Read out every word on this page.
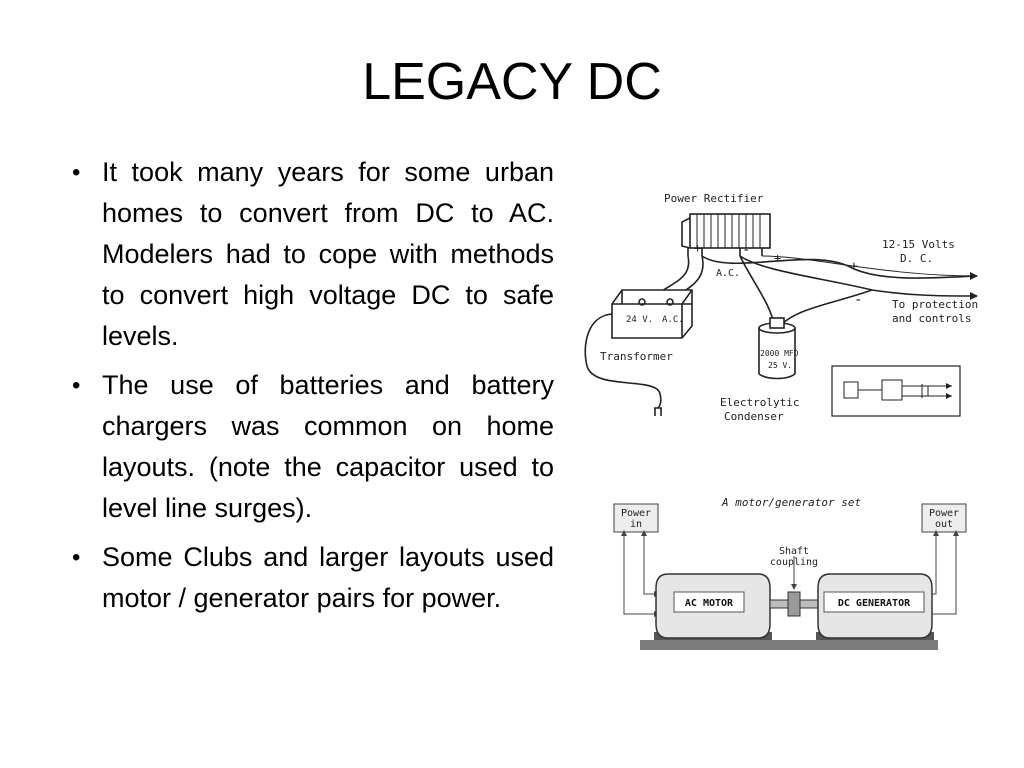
LEGACY DC
• It took many years for some urban homes to convert from DC to AC. Modelers had to cope with methods to convert high voltage DC to safe levels.
• The use of batteries and battery chargers was common on home layouts. (note the capacitor used to level line surges).
• Some Clubs and larger layouts used motor / generator pairs for power.
Power Rectifier
12-15 Volts
D. C.
A.C.
+	- +
+
-	To protection
and controls
24 V. A.C.
Transformer	2000 MFD
25 V.
Electrolytic
Condenser
A motor/generator set
Power
in
Power
out
Shaft
coupling
AC MOTOR	DC GENERATOR
